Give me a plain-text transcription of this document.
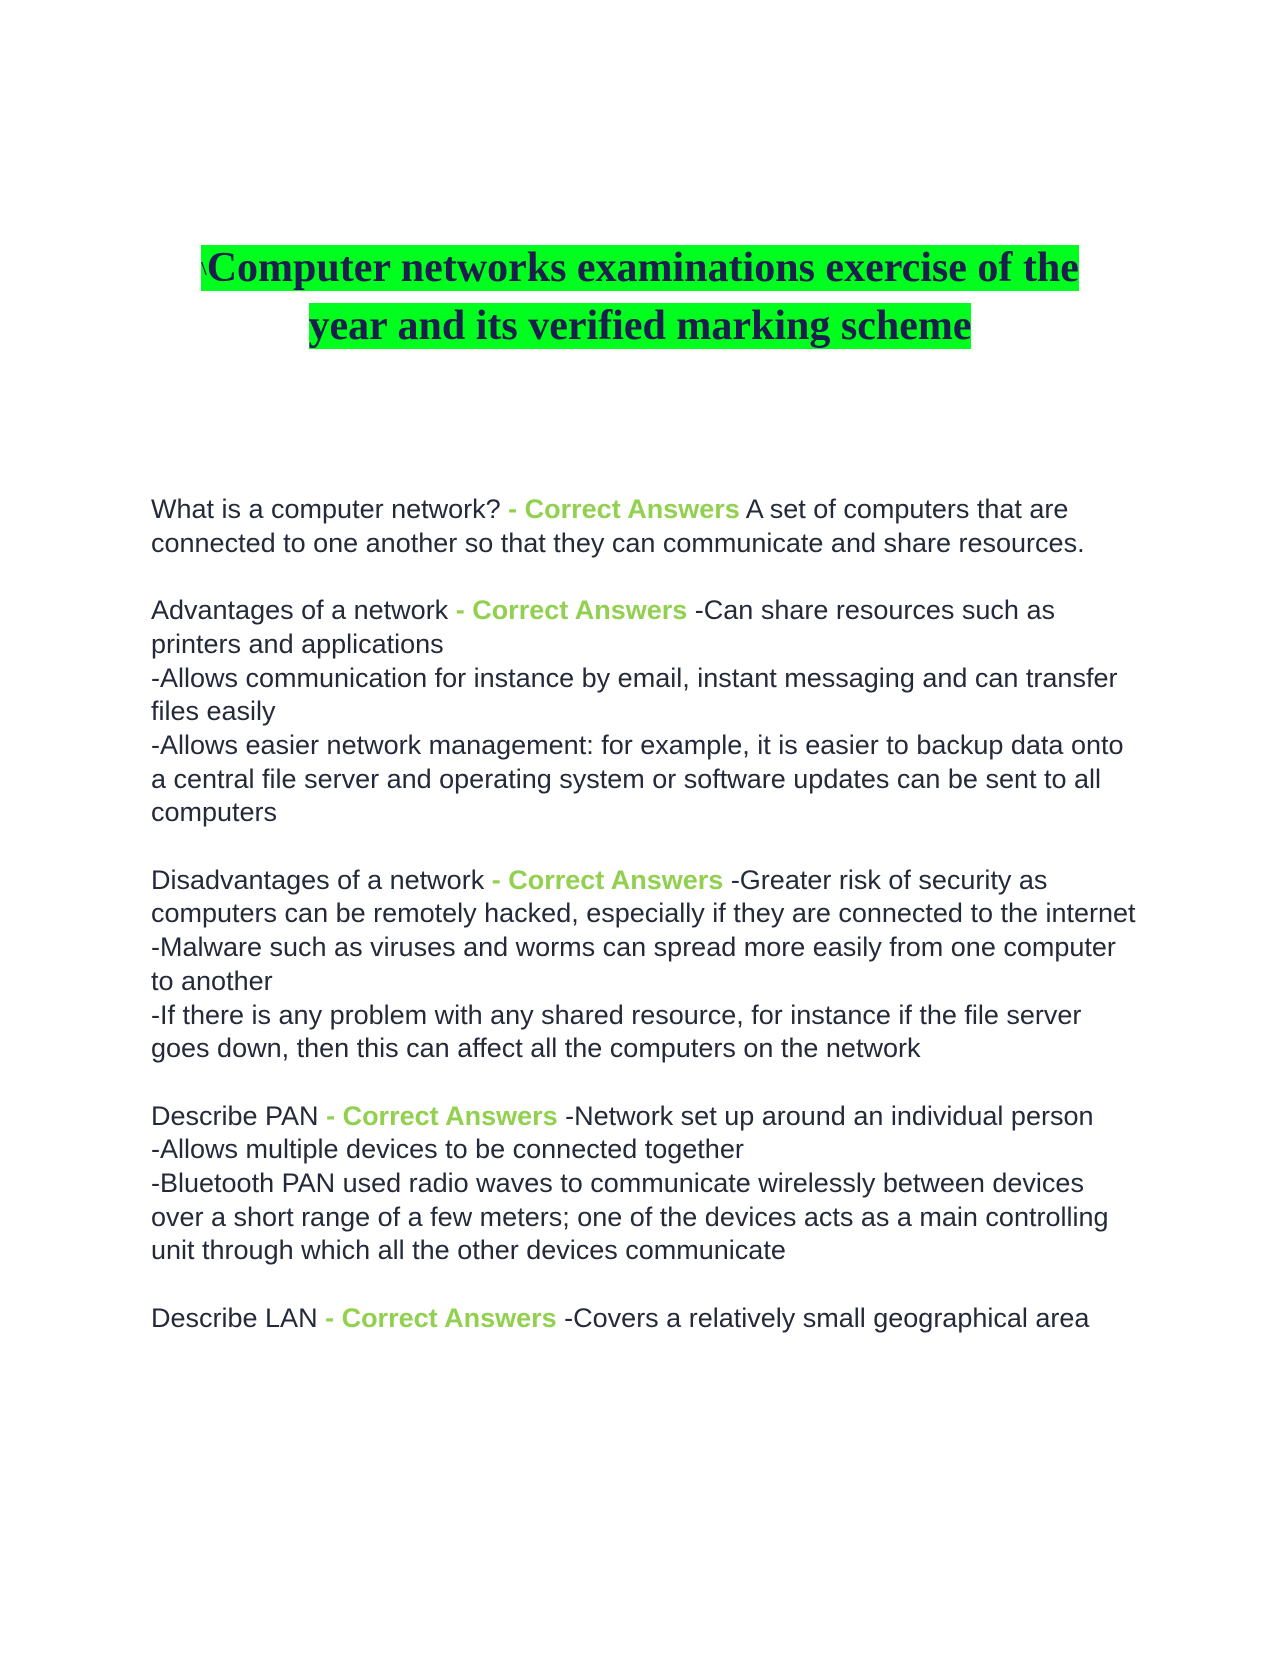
\Computer networks examinations exercise of the
year and its verified marking scheme

What is a computer network? - Correct Answers A set of computers that are connected to one another so that they can communicate and share resources.

Advantages of a network - Correct Answers -Can share resources such as printers and applications
-Allows communication for instance by email, instant messaging and can transfer files easily
-Allows easier network management: for example, it is easier to backup data onto a central file server and operating system or software updates can be sent to all computers

Disadvantages of a network - Correct Answers -Greater risk of security as computers can be remotely hacked, especially if they are connected to the internet
-Malware such as viruses and worms can spread more easily from one computer to another
-If there is any problem with any shared resource, for instance if the file server goes down, then this can affect all the computers on the network

Describe PAN - Correct Answers -Network set up around an individual person
-Allows multiple devices to be connected together
-Bluetooth PAN used radio waves to communicate wirelessly between devices over a short range of a few meters; one of the devices acts as a main controlling unit through which all the other devices communicate

Describe LAN - Correct Answers -Covers a relatively small geographical area
